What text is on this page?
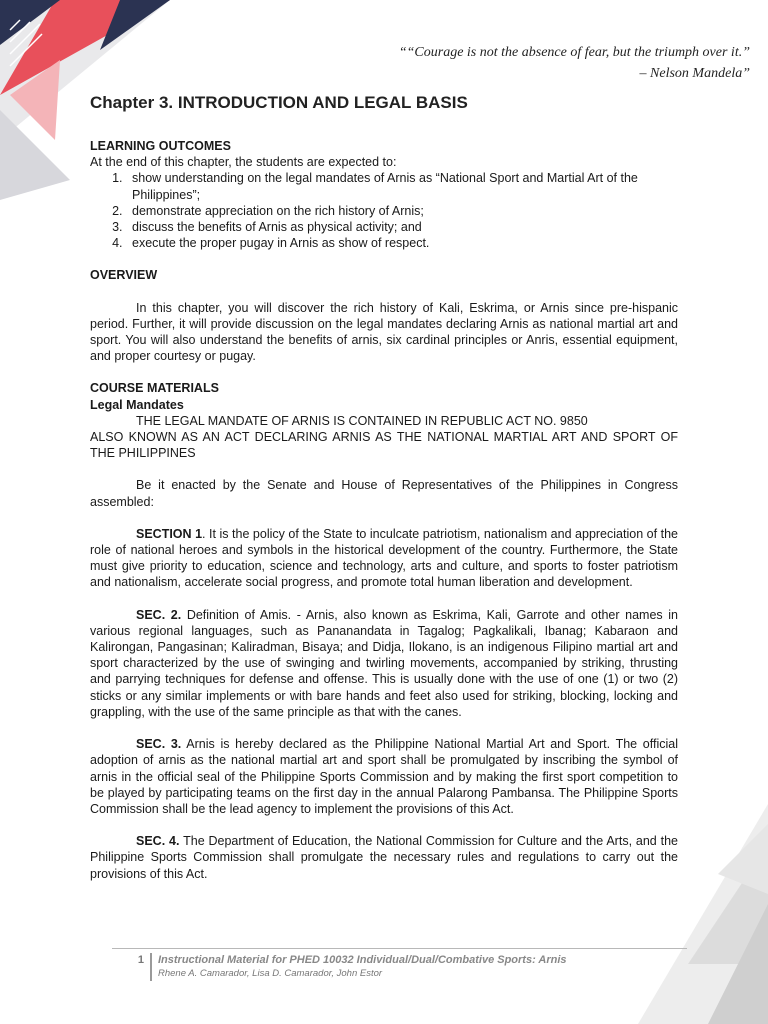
““Courage is not the absence of fear, but the triumph over it.”
– Nelson Mandela”
Chapter 3. INTRODUCTION AND LEGAL BASIS
LEARNING OUTCOMES
At the end of this chapter, the students are expected to:
1. show understanding on the legal mandates of Arnis as “National Sport and Martial Art of the Philippines”;
2. demonstrate appreciation on the rich history of Arnis;
3. discuss the benefits of Arnis as physical activity; and
4. execute the proper pugay in Arnis as show of respect.
OVERVIEW
In this chapter, you will discover the rich history of Kali, Eskrima, or Arnis since pre-hispanic period. Further, it will provide discussion on the legal mandates declaring Arnis as national martial art and sport. You will also understand the benefits of arnis, six cardinal principles or Anris, essential equipment, and proper courtesy or pugay.
COURSE MATERIALS
Legal Mandates
THE LEGAL MANDATE OF ARNIS IS CONTAINED IN REPUBLIC ACT NO. 9850
ALSO KNOWN AS AN ACT DECLARING ARNIS AS THE NATIONAL MARTIAL ART AND SPORT OF THE PHILIPPINES
Be it enacted by the Senate and House of Representatives of the Philippines in Congress assembled:
SECTION 1. It is the policy of the State to inculcate patriotism, nationalism and appreciation of the role of national heroes and symbols in the historical development of the country. Furthermore, the State must give priority to education, science and technology, arts and culture, and sports to foster patriotism and nationalism, accelerate social progress, and promote total human liberation and development.
SEC. 2. Definition of Amis. - Arnis, also known as Eskrima, Kali, Garrote and other names in various regional languages, such as Pananandata in Tagalog; Pagkalikali, Ibanag; Kabaraon and Kalirongan, Pangasinan; Kaliradman, Bisaya; and Didja, Ilokano, is an indigenous Filipino martial art and sport characterized by the use of swinging and twirling movements, accompanied by striking, thrusting and parrying techniques for defense and offense. This is usually done with the use of one (1) or two (2) sticks or any similar implements or with bare hands and feet also used for striking, blocking, locking and grappling, with the use of the same principle as that with the canes.
SEC. 3. Arnis is hereby declared as the Philippine National Martial Art and Sport. The official adoption of arnis as the national martial art and sport shall be promulgated by inscribing the symbol of arnis in the official seal of the Philippine Sports Commission and by making the first sport competition to be played by participating teams on the first day in the annual Palarong Pambansa. The Philippine Sports Commission shall be the lead agency to implement the provisions of this Act.
SEC. 4. The Department of Education, the National Commission for Culture and the Arts, and the Philippine Sports Commission shall promulgate the necessary rules and regulations to carry out the provisions of this Act.
1	Instructional Material for PHED 10032 Individual/Dual/Combative Sports: Arnis
Rhene A. Camarador, Lisa D. Camarador, John Estor
